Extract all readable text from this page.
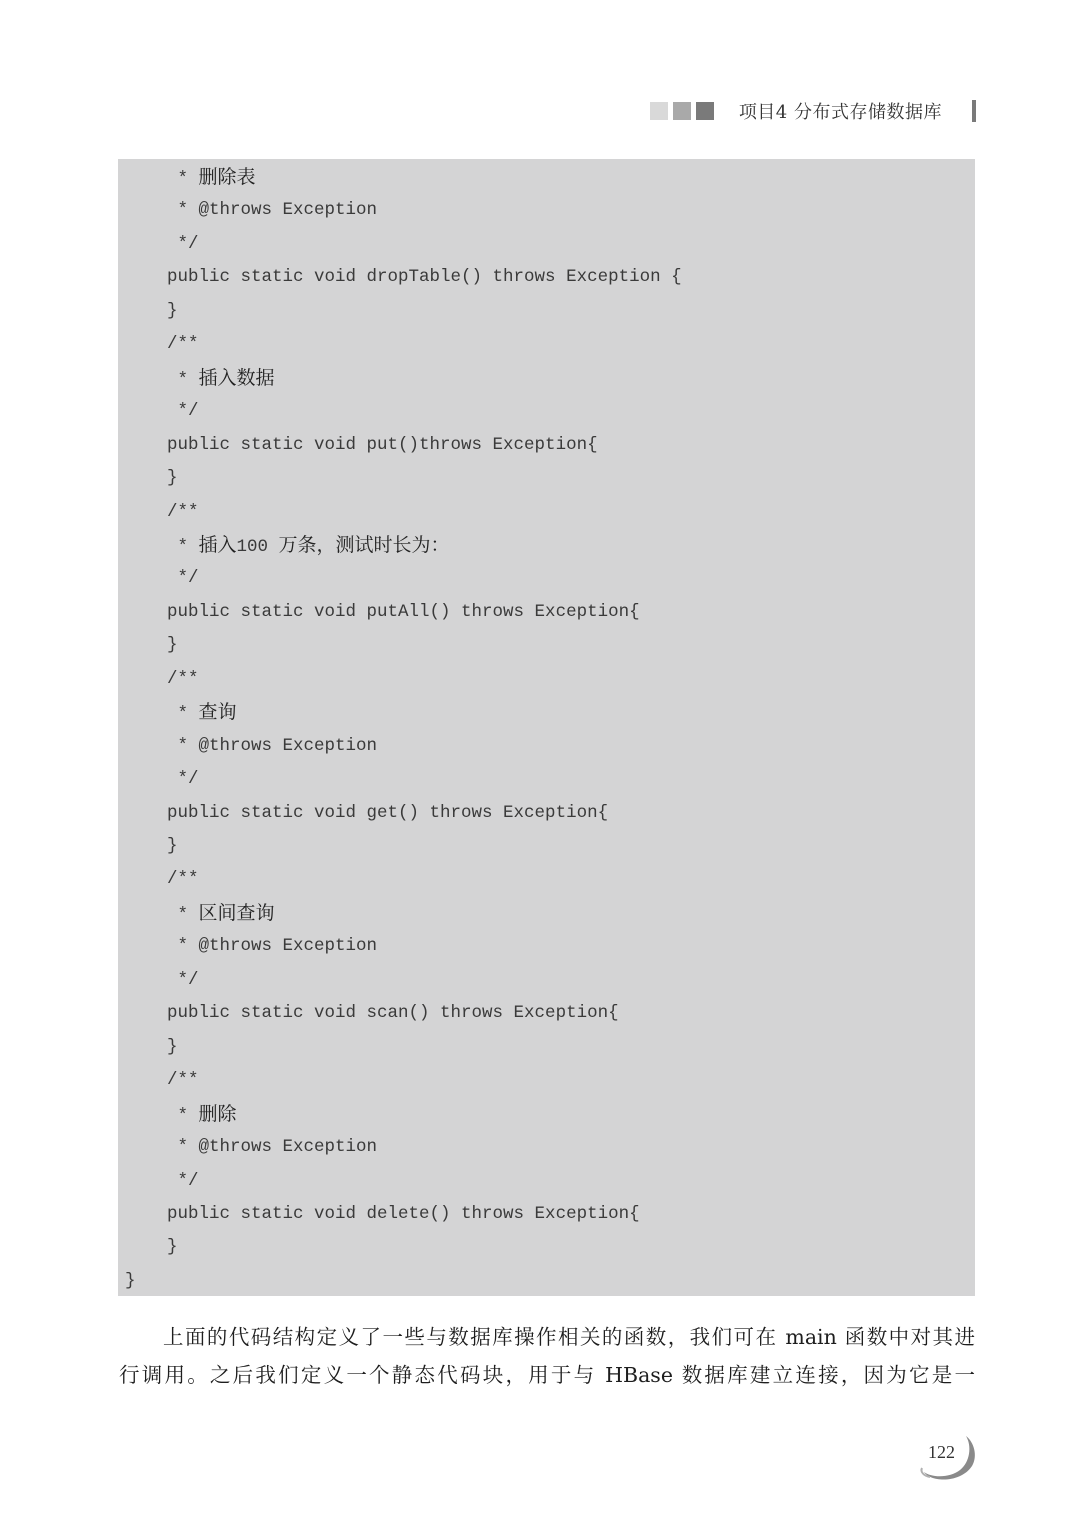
项目4 分布式存储数据库
* 删除表
* @throws Exception
*/
public static void dropTable() throws Exception {
}
/**
* 插入数据
*/
public static void put()throws Exception{
}
/**
* 插入100 万条，测试时长为：
*/
public static void putAll() throws Exception{
}
/**
* 查询
* @throws Exception
*/
public static void get() throws Exception{
}
/**
* 区间查询
* @throws Exception
*/
public static void scan() throws Exception{
}
/**
* 删除
* @throws Exception
*/
public static void delete() throws Exception{
}
}
上面的代码结构定义了一些与数据库操作相关的函数，我们可在 main 函数中对其进
行调用。之后我们定义一个静态代码块，用于与 HBase 数据库建立连接，因为它是一
122
